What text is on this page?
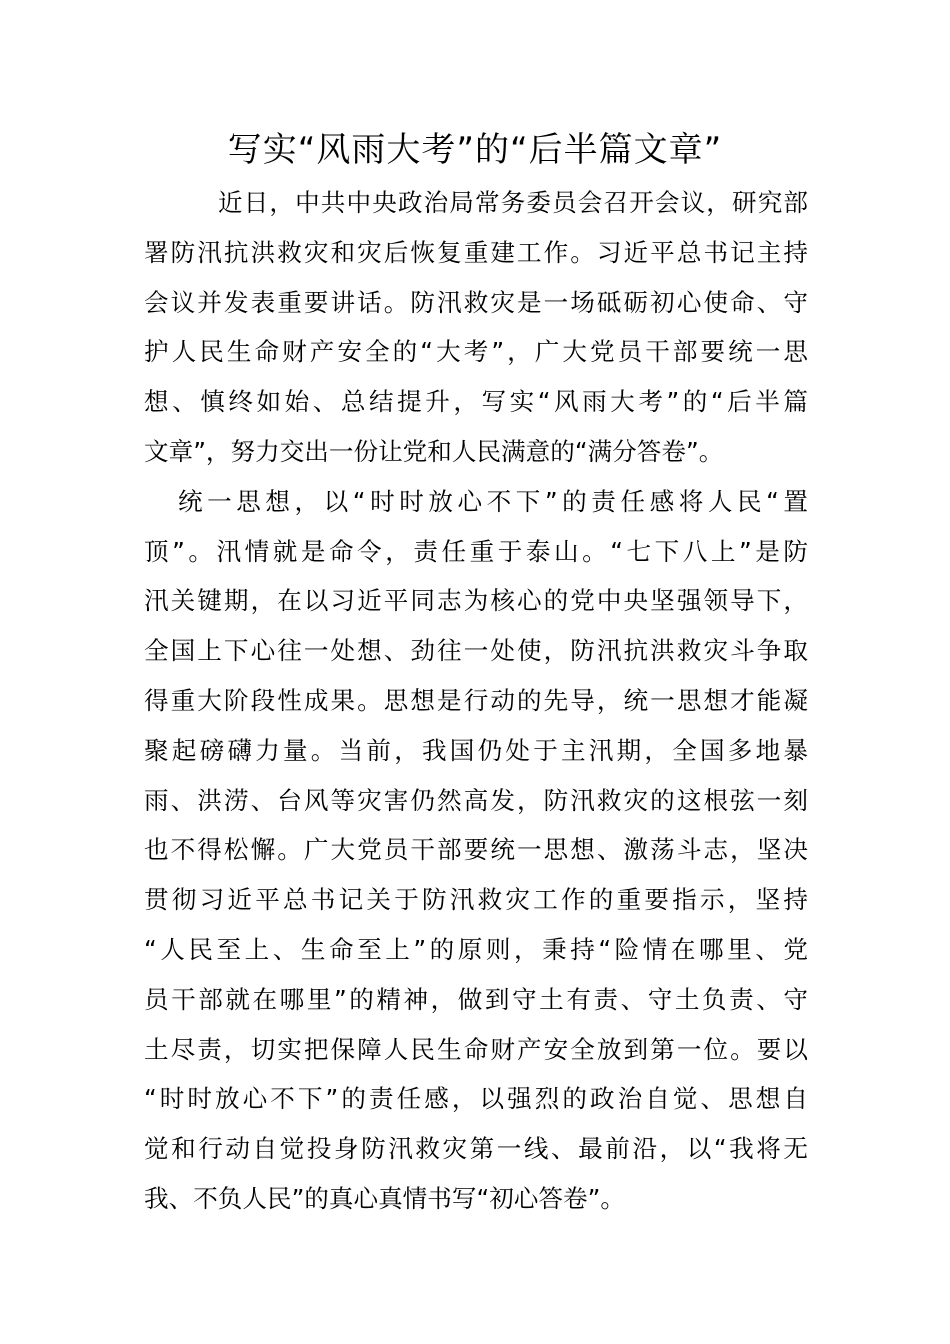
写实“风雨大考”的“后半篇文章”
近日，中共中央政治局常务委员会召开会议，研究部
署防汛抗洪救灾和灾后恢复重建工作。习近平总书记主持
会议并发表重要讲话。防汛救灾是一场砥砺初心使命、守
护人民生命财产安全的“大考”，广大党员干部要统一思
想、慎终如始、总结提升，写实“风雨大考”的“后半篇
文章”，努力交出一份让党和人民满意的“满分答卷”。
统一思想，以“时时放心不下”的责任感将人民“置
顶”。汛情就是命令，责任重于泰山。“七下八上”是防
汛关键期，在以习近平同志为核心的党中央坚强领导下，
全国上下心往一处想、劲往一处使，防汛抗洪救灾斗争取
得重大阶段性成果。思想是行动的先导，统一思想才能凝
聚起磅礴力量。当前，我国仍处于主汛期，全国多地暴
雨、洪涝、台风等灾害仍然高发，防汛救灾的这根弦一刻
也不得松懈。广大党员干部要统一思想、激荡斗志，坚决
贯彻习近平总书记关于防汛救灾工作的重要指示，坚持
“人民至上、生命至上”的原则，秉持“险情在哪里、党
员干部就在哪里”的精神，做到守土有责、守土负责、守
土尽责，切实把保障人民生命财产安全放到第一位。要以
“时时放心不下”的责任感，以强烈的政治自觉、思想自
觉和行动自觉投身防汛救灾第一线、最前沿，以“我将无
我、不负人民”的真心真情书写“初心答卷”。
